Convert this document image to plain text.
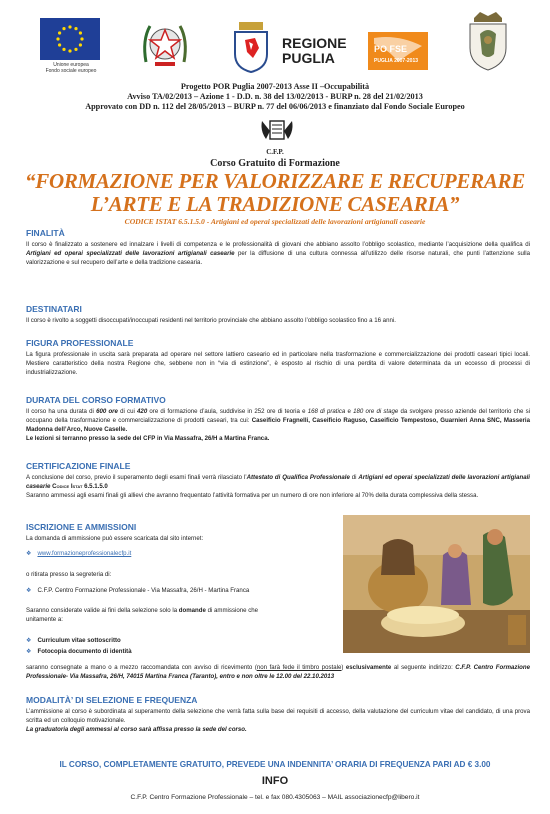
Unione europea
Fondo sociale europeo
REGIONE
PUGLIA
PO FSE
PUGLIA 2007-2013
Progetto POR Puglia 2007-2013 Asse II –Occupabilità
Avviso TA/02/2013 – Azione 1 - D.D. n. 38 del 13/02/2013 - BURP n. 28 del 21/02/2013
Approvato con DD n. 112 del 28/05/2013 – BURP n. 77 del 06/06/2013 e finanziato dal Fondo Sociale Europeo
C.F.P.
Corso Gratuito di Formazione
“FORMAZIONE PER VALORIZZARE E RECUPERARE
L’ARTE E LA TRADIZIONE CASEARIA”
CODICE ISTAT 6.5.1.5.0 - Artigiani ed operai specializzati delle lavorazioni artigianali casearie
FINALITÀ

Il corso è finalizzato a sostenere ed innalzare i livelli di competenza e le professionalità di giovani che abbiano assolto l’obbligo scolastico, mediante l’acquisizione della qualifica di Artigiani ed operai specializzati delle lavorazioni artigianali casearie per la diffusione di una cultura connessa all’utilizzo delle risorse naturali, che punti l’attenzione sulla valorizzazione e sul recupero dell’arte e della tradizione casearia.

DESTINATARI

Il corso è rivolto a soggetti disoccupati/inoccupati residenti nel territorio provinciale che abbiano assolto l’obbligo scolastico fino a 16 anni.

FIGURA PROFESSIONALE

La figura professionale in uscita sarà preparata ad operare nel settore lattiero caseario ed in particolare nella trasformazione e commercializzazione dei prodotti caseari tipici locali. Mestiere caratteristico della nostra Regione che, sebbene non in “via di estinzione”, è esposto al rischio di una perdita di valore determinata da un eccesso di processi di industrializzazione.

DURATA DEL CORSO FORMATIVO

Il corso ha una durata di 600 ore di cui 420 ore di formazione d’aula, suddivise in 252 ore di teoria e 168 di pratica e 180 ore di stage da svolgere presso aziende del territorio che si occupano della trasformazione e commercializzazione di prodotti caseari, tra cui: Caseificio Fragnelli, Caseificio Raguso, Caseificio Tempestoso, Guarnieri Anna SNC, Masseria Madonna dell’Arco, Nuove Caselle.
Le lezioni si terranno presso la sede del CFP in Via Massafra, 26/H a Martina Franca.

CERTIFICAZIONE FINALE

A conclusione del corso, previo il superamento degli esami finali verrà rilasciato l’Attestato di Qualifica Professionale di Artigiani ed operai specializzati delle lavorazioni artigianali casearie Codice Istat 6.5.1.5.0
Saranno ammessi agli esami finali gli allievi che avranno frequentato l’attività formativa per un numero di ore non inferiore al 70% della durata complessiva della stessa.

ISCRIZIONE E AMMISSIONI

La domanda di ammissione può essere scaricata dal sito internet:

❖ www.formazioneprofessionalecfp.it
o ritirata presso la segreteria di:
❖ C.F.P. Centro Formazione Professionale - Via Massafra, 26/H - Martina Franca
Saranno considerate valide ai fini della selezione solo la domande di ammissione che
unitamente a:
❖ Curriculum vitae sottoscritto
❖ Fotocopia documento di identità

saranno consegnate a mano o a mezzo raccomandata con avviso di ricevimento (non farà fede il timbro postale) esclusivamente al seguente indirizzo: C.F.P. Centro Formazione Professionale- Via Massafra, 26/H, 74015 Martina Franca (Taranto), entro e non oltre le 12.00 del 22.10.2013

MODALITÀ’ DI SELEZIONE E FREQUENZA

L’ammissione al corso è subordinata al superamento della selezione che verrà fatta sulla base dei requisiti di accesso, della valutazione del curriculum vitae del candidato, di una prova scritta ed un colloquio motivazionale.
La graduatoria degli ammessi al corso sarà affissa presso la sede del corso.

IL CORSO, COMPLETAMENTE GRATUITO, PREVEDE UNA INDENNITA’ ORARIA DI FREQUENZA PARI AD € 3.00
INFO
C.F.P. Centro Formazione Professionale – tel. e fax 080.4305063 – MAIL associazionecfp@libero.it
